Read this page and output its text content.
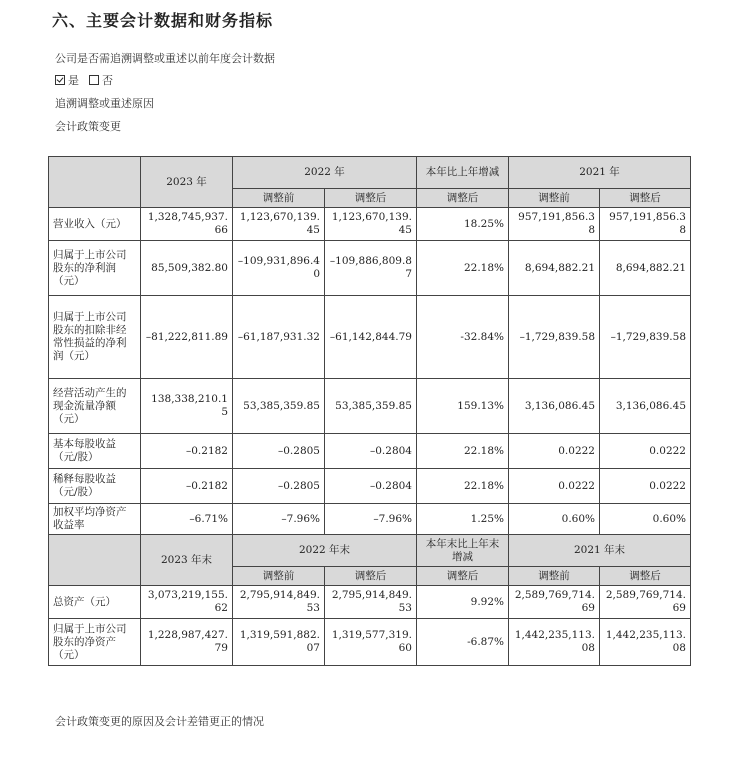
六、主要会计数据和财务指标
公司是否需追溯调整或重述以前年度会计数据
是 否
追溯调整或重述原因
会计政策变更
	2023 年	2022 年		本年比上年增减	2021 年	
		调整前	调整后	调整后	调整前	调整后
营业收入（元）	1,328,745,937.66	1,123,670,139.45	1,123,670,139.45	18.25%	957,191,856.38	957,191,856.38
归属于上市公司股东的净利润（元）	85,509,382.80	–109,931,896.40	–109,886,809.87	22.18%	8,694,882.21	8,694,882.21
归属于上市公司股东的扣除非经常性损益的净利润（元）	–81,222,811.89	–61,187,931.32	–61,142,844.79	-32.84%	–1,729,839.58	–1,729,839.58
经营活动产生的现金流量净额（元）	138,338,210.15	53,385,359.85	53,385,359.85	159.13%	3,136,086.45	3,136,086.45
基本每股收益（元/股）	–0.2182	–0.2805	–0.2804	22.18%	0.0222	0.0222
稀释每股收益（元/股）	–0.2182	–0.2805	–0.2804	22.18%	0.0222	0.0222
加权平均净资产收益率	–6.71%	–7.96%	–7.96%	1.25%	0.60%	0.60%
	2023 年末	2022 年末		本年末比上年末增减	2021 年末	
		调整前	调整后	调整后	调整前	调整后
总资产（元）	3,073,219,155.62	2,795,914,849.53	2,795,914,849.53	9.92%	2,589,769,714.69	2,589,769,714.69
归属于上市公司股东的净资产（元）	1,228,987,427.79	1,319,591,882.07	1,319,577,319.60	-6.87%	1,442,235,113.08	1,442,235,113.08
会计政策变更的原因及会计差错更正的情况
